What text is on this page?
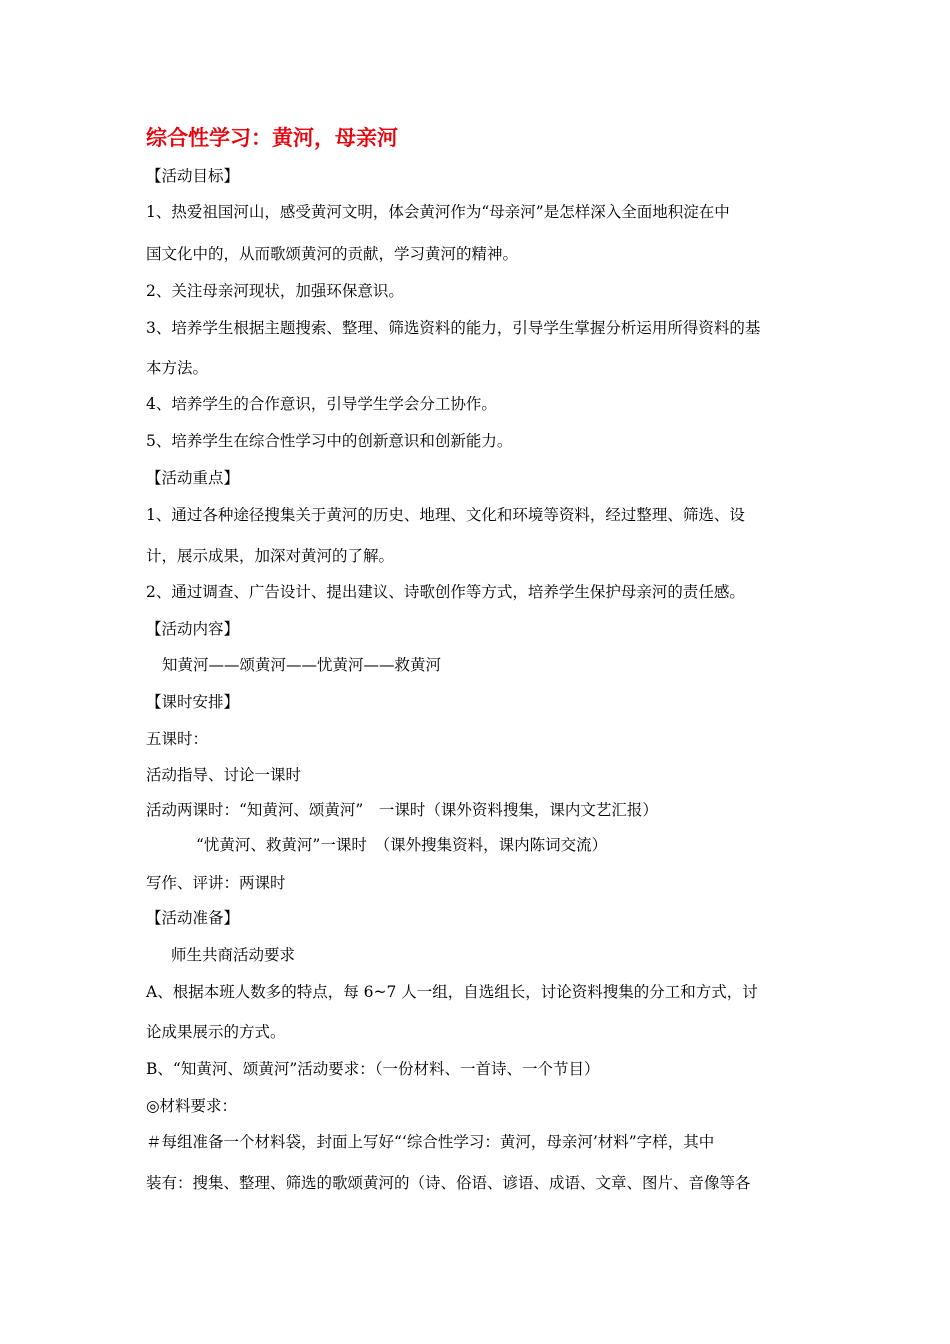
综合性学习：黄河，母亲河
【活动目标】
1、热爱祖国河山，感受黄河文明，体会黄河作为“母亲河”是怎样深入全面地积淀在中
国文化中的，从而歌颂黄河的贡献，学习黄河的精神。
2、关注母亲河现状，加强环保意识。
3、培养学生根据主题搜索、整理、筛选资料的能力，引导学生掌握分析运用所得资料的基
本方法。
4、培养学生的合作意识，引导学生学会分工协作。
5、培养学生在综合性学习中的创新意识和创新能力。
【活动重点】
1、通过各种途径搜集关于黄河的历史、地理、文化和环境等资料，经过整理、筛选、设
计，展示成果，加深对黄河的了解。
2、通过调查、广告设计、提出建议、诗歌创作等方式，培养学生保护母亲河的责任感。
【活动内容】
知黄河——颂黄河——忧黄河——救黄河
【课时安排】
五课时：
活动指导、讨论一课时
活动两课时：“知黄河、颂黄河”　一课时（课外资料搜集，课内文艺汇报）
“忧黄河、救黄河”一课时　（课外搜集资料，课内陈词交流）
写作、评讲：两课时
【活动准备】
师生共商活动要求
A、根据本班人数多的特点，每 6~7 人一组，自选组长，讨论资料搜集的分工和方式，讨
论成果展示的方式。
B、“知黄河、颂黄河”活动要求：（一份材料、一首诗、一个节目）
◎材料要求：
＃每组准备一个材料袋，封面上写好“‘综合性学习：黄河，母亲河’材料”字样，其中
装有：搜集、整理、筛选的歌颂黄河的（诗、俗语、谚语、成语、文章、图片、音像等各
